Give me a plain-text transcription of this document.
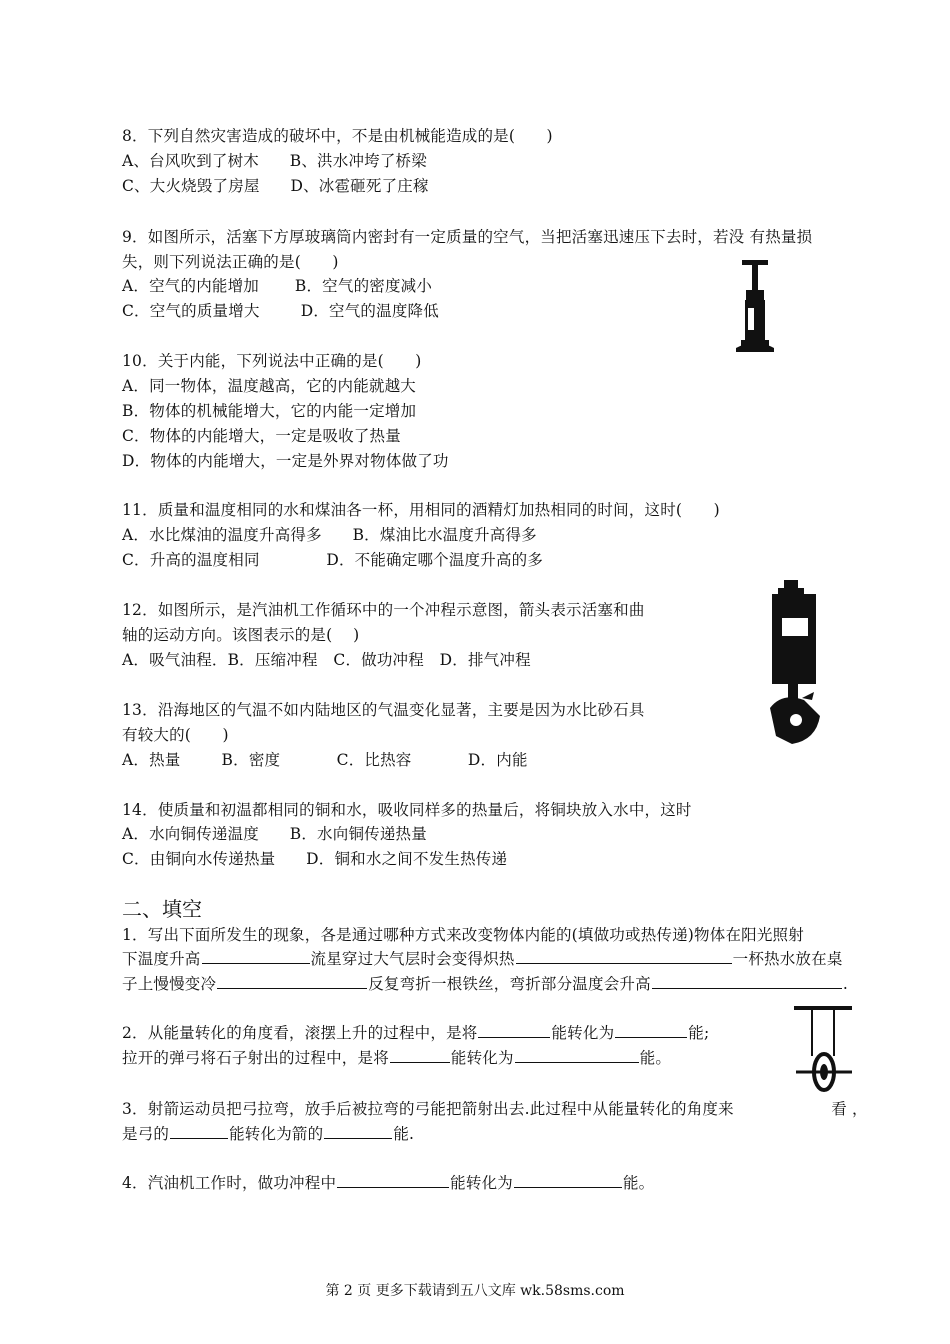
8．下列自然灾害造成的破坏中，不是由机械能造成的是(　　)
A、台风吹到了树木 B、洪水冲垮了桥梁
C、大火烧毁了房屋 D、冰雹砸死了庄稼
9．如图所示，活塞下方厚玻璃筒内密封有一定质量的空气，当把活塞迅速压下去时，若没 有热量损
失，则下列说法正确的是(　　)
A．空气的内能增加 B．空气的密度减小
C．空气的质量增大	D．空气的温度降低
10．关于内能，下列说法中正确的是(　　)
A．同一物体，温度越高，它的内能就越大
B．物体的机械能增大，它的内能一定增加
C．物体的内能增大，一定是吸收了热量
D．物体的内能增大，一定是外界对物体做了功
11．质量和温度相同的水和煤油各一杯，用相同的酒精灯加热相同的时间，这时(　　)
A．水比煤油的温度升高得多 B．煤油比水温度升高得多
C．升高的温度相同	D．不能确定哪个温度升高的多
12．如图所示，是汽油机工作循环中的一个冲程示意图，箭头表示活塞和曲
轴的运动方向。该图表示的是(　 )
A．吸气油程．B．压缩冲程　C．做功冲程　D．排气冲程
13．沿海地区的气温不如内陆地区的气温变化显著，主要是因为水比砂石具
有较大的(　　)
A．热量	B．密度	C．比热容	D．内能
14．使质量和初温都相同的铜和水，吸收同样多的热量后，将铜块放入水中，这时
A．水向铜传递温度 B．水向铜传递热量
C．由铜向水传递热量 D．铜和水之间不发生热传递
二、填空
1．写出下面所发生的现象，各是通过哪种方式来改变物体内能的(填做功或热传递)物体在阳光照射
下温度升高	流星穿过大气层时会变得炽热	一杯热水放在桌
子上慢慢变冷	反复弯折一根铁丝，弯折部分温度会升高	.
2．从能量转化的角度看，滚摆上升的过程中，是将	能转化为	能;
拉开的弹弓将石子射出的过程中，是将	能转化为	能。
3．射箭运动员把弓拉弯，放手后被拉弯的弓能把箭射出去.此过程中从能量转化的角度来	看 ，
是弓的	能转化为箭的	能.
4．汽油机工作时，做功冲程中	能转化为	能。
第 2 页 更多下载请到五八文库 wk.58sms.com
